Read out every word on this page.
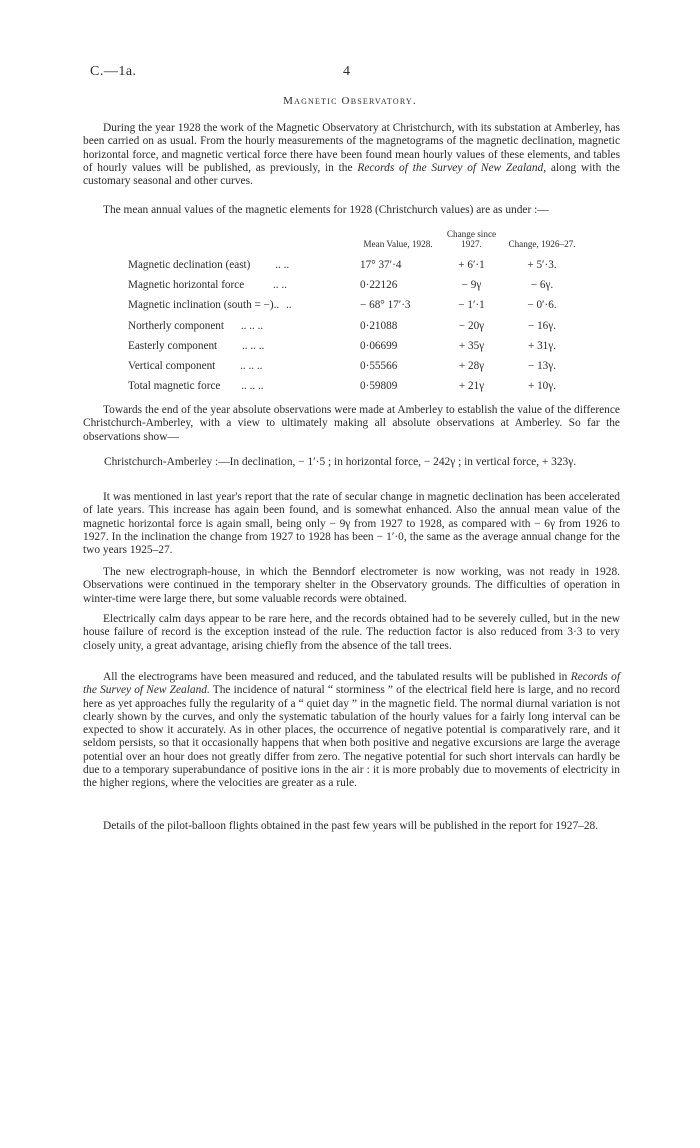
C.—1a.	4
Magnetic Observatory.

During the year 1928 the work of the Magnetic Observatory at Christchurch, with its substation at Amberley, has been carried on as usual. From the hourly measurements of the magnetograms of the magnetic declination, magnetic horizontal force, and magnetic vertical force there have been found mean hourly values of these elements, and tables of hourly values will be published, as previously, in the Records of the Survey of New Zealand, along with the customary seasonal and other curves.

The mean annual values of the magnetic elements for 1928 (Christchurch values) are as under :—

	Mean Value, 1928.	Change since 1927.	Change, 1926–27.
Magnetic declination (east) .. ..	17° 37′·4	+ 6′·1	+ 5′·3.
Magnetic horizontal force .. ..	0·22126	− 9γ	− 6γ.
Magnetic inclination (south = −).. ..	− 68° 17′·3	− 1′·1	− 0′·6.
Northerly component .. .. ..	0·21088	− 20γ	− 16γ.
Easterly component .. .. ..	0·06699	+ 35γ	+ 31γ.
Vertical component .. .. ..	0·55566	+ 28γ	− 13γ.
Total magnetic force .. .. ..	0·59809	+ 21γ	+ 10γ.

Towards the end of the year absolute observations were made at Amberley to establish the value of the difference Christchurch-Amberley, with a view to ultimately making all absolute observations at Amberley. So far the observations show—

Christchurch-Amberley :—In declination, − 1′·5 ; in horizontal force, − 242γ ; in vertical force, + 323γ.

It was mentioned in last year's report that the rate of secular change in magnetic declination has been accelerated of late years. This increase has again been found, and is somewhat enhanced. Also the annual mean value of the magnetic horizontal force is again small, being only − 9γ from 1927 to 1928, as compared with − 6γ from 1926 to 1927. In the inclination the change from 1927 to 1928 has been − 1′·0, the same as the average annual change for the two years 1925–27.

The new electrograph-house, in which the Benndorf electrometer is now working, was not ready in 1928. Observations were continued in the temporary shelter in the Observatory grounds. The difficulties of operation in winter-time were large there, but some valuable records were obtained.

Electrically calm days appear to be rare here, and the records obtained had to be severely culled, but in the new house failure of record is the exception instead of the rule. The reduction factor is also reduced from 3·3 to very closely unity, a great advantage, arising chiefly from the absence of the tall trees.

All the electrograms have been measured and reduced, and the tabulated results will be published in Records of the Survey of New Zealand. The incidence of natural “ storminess ” of the electrical field here is large, and no record here as yet approaches fully the regularity of a “ quiet day ” in the magnetic field. The normal diurnal variation is not clearly shown by the curves, and only the systematic tabulation of the hourly values for a fairly long interval can be expected to show it accurately. As in other places, the occurrence of negative potential is comparatively rare, and it seldom persists, so that it occasionally happens that when both positive and negative excursions are large the average potential over an hour does not greatly differ from zero. The negative potential for such short intervals can hardly be due to a temporary superabundance of positive ions in the air : it is more probably due to movements of electricity in the higher regions, where the velocities are greater as a rule.

Details of the pilot-balloon flights obtained in the past few years will be published in the report for 1927–28.
